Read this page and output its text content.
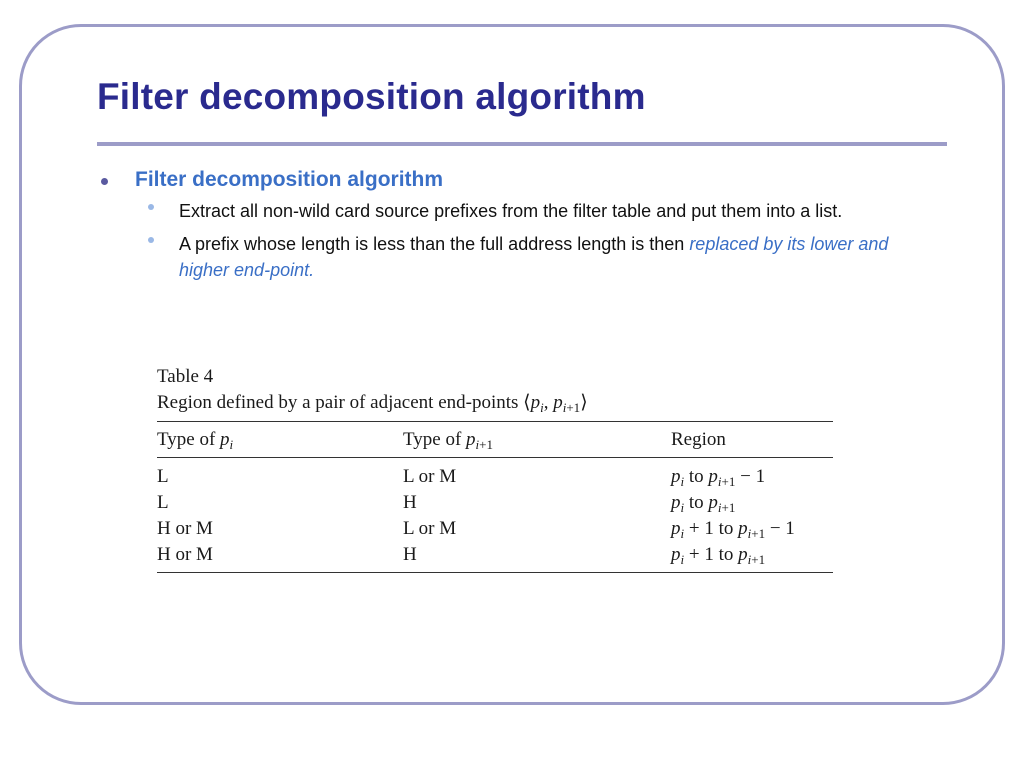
Filter decomposition algorithm
Filter decomposition algorithm
Extract all non-wild card source prefixes from the filter table and put them into a list.
A prefix whose length is less than the full address length is then replaced by its lower and higher end-point.
Table 4
Region defined by a pair of adjacent end-points $⟨p_i$, $p_{i+1}⟩$
Type of $p_i$	Type of $p_{i+1}$	Region
L	L or M	$p_i$ to $p_{i+1} - 1$
L	H	$p_i$ to $p_{i+1}$
H or M	L or M	$p_i + 1$ to $p_{i+1} - 1$
H or M	H	$p_i + 1$ to $p_{i+1}$
